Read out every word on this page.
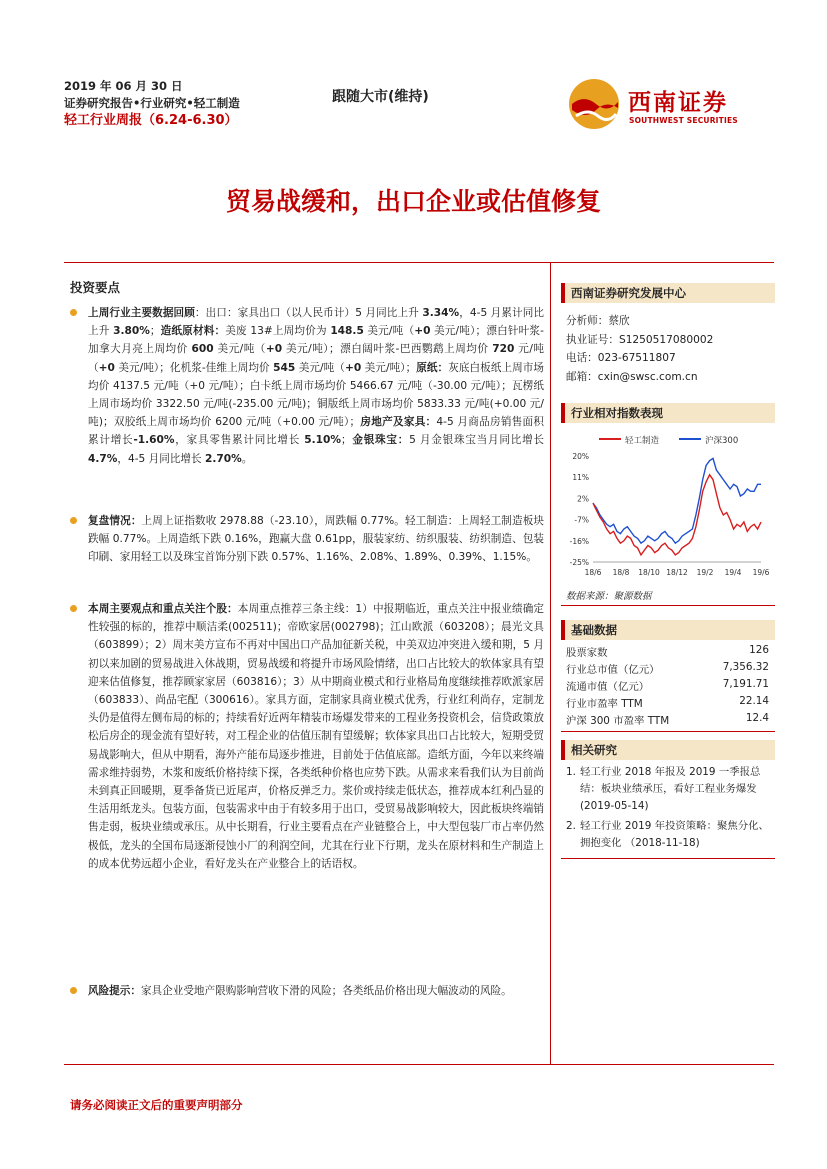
2019 年 06 月 30 日
证券研究报告•行业研究•轻工制造
轻工行业周报（6.24-6.30）
跟随大市(维持)	西南证券
SOUTHWEST SECURITIES
贸易战缓和，出口企业或估值修复
投资要点
上周行业主要数据回顾：出口：家具出口（以人民币计）5 月同比上升 3.34%，4-5 月累计同比上升 3.80%；造纸原材料：美废 13#上周均价为 148.5 美元/吨（+0 美元/吨）；漂白针叶浆-加拿大月亮上周均价 600 美元/吨（+0 美元/吨）；漂白阔叶浆-巴西鹦鹉上周均价 720 元/吨（+0 美元/吨）；化机浆-佳维上周均价 545 美元/吨（+0 美元/吨）；原纸：灰底白板纸上周市场均价 4137.5 元/吨（+0 元/吨）；白卡纸上周市场均价 5466.67 元/吨（-30.00 元/吨）；瓦楞纸上周市场均价 3322.50 元/吨(-235.00 元/吨)；铜版纸上周市场均价 5833.33 元/吨(+0.00 元/吨)；双胶纸上周市场均价 6200 元/吨（+0.00 元/吨）；房地产及家具：4-5 月商品房销售面积累计增长-1.60%，家具零售累计同比增长 5.10%；金银珠宝：5 月金银珠宝当月同比增长 4.7%，4-5 月同比增长 2.70%。
复盘情况：上周上证指数收 2978.88（-23.10），周跌幅 0.77%。轻工制造：上周轻工制造板块跌幅 0.77%。上周造纸下跌 0.16%，跑赢大盘 0.61pp，服装家纺、纺织服装、纺织制造、包装印刷、家用轻工以及珠宝首饰分别下跌 0.57%、1.16%、2.08%、1.89%、0.39%、1.15%。
本周主要观点和重点关注个股：本周重点推荐三条主线：1）中报期临近，重点关注中报业绩确定性较强的标的，推荐中顺洁柔(002511)；帝欧家居(002798)；江山欧派（603208）；晨光文具（603899）；2）周末美方宣布不再对中国出口产品加征新关税，中美双边冲突进入缓和期，5 月初以来加剧的贸易战进入休战期，贸易战缓和将提升市场风险情绪，出口占比较大的软体家具有望迎来估值修复，推荐顾家家居（603816）；3）从中期商业模式和行业格局角度继续推荐欧派家居（603833）、尚品宅配（300616）。家具方面，定制家具商业模式优秀，行业红利尚存，定制龙头仍是值得左侧布局的标的；持续看好近两年精装市场爆发带来的工程业务投资机会，信贷政策放松后房企的现金流有望好转，对工程企业的估值压制有望缓解；软体家具出口占比较大，短期受贸易战影响大，但从中期看，海外产能布局逐步推进，目前处于估值底部。造纸方面，今年以来终端需求维持弱势，木浆和废纸价格持续下探，各类纸种价格也应势下跌。从需求来看我们认为目前尚未到真正回暖期，夏季备货已近尾声，价格反弹乏力。浆价或持续走低状态，推荐成本红利凸显的生活用纸龙头。包装方面，包装需求中由于有较多用于出口，受贸易战影响较大，因此板块终端销售走弱，板块业绩或承压。从中长期看，行业主要看点在产业链整合上，中大型包装厂市占率仍然极低，龙头的全国布局逐渐侵蚀小厂的利润空间，尤其在行业下行期，龙头在原材料和生产制造上的成本优势远超小企业，看好龙头在产业整合上的话语权。
风险提示：家具企业受地产限购影响营收下滑的风险；各类纸品价格出现大幅波动的风险。
西南证券研究发展中心
分析师：蔡欣
执业证号：S1250517080002
电话：023-67511807
邮箱：cxin@swsc.com.cn
行业相对指数表现
轻工制造	沪深300
20%
11%
2%
-7%
-16%
-25%
18/6 18/8 18/10 18/12 19/2 19/4 19/6
数据来源：聚源数据
基础数据
股票家数	126
行业总市值（亿元）	7,356.32
流通市值（亿元）	7,191.71
行业市盈率 TTM	22.14
沪深 300 市盈率 TTM	12.4
相关研究
1. 轻工行业 2018 年报及 2019 一季报总结：板块业绩承压，看好工程业务爆发 (2019-05-14)
2. 轻工行业 2019 年投资策略：聚焦分化、拥抱变化 （2018-11-18)
请务必阅读正文后的重要声明部分
